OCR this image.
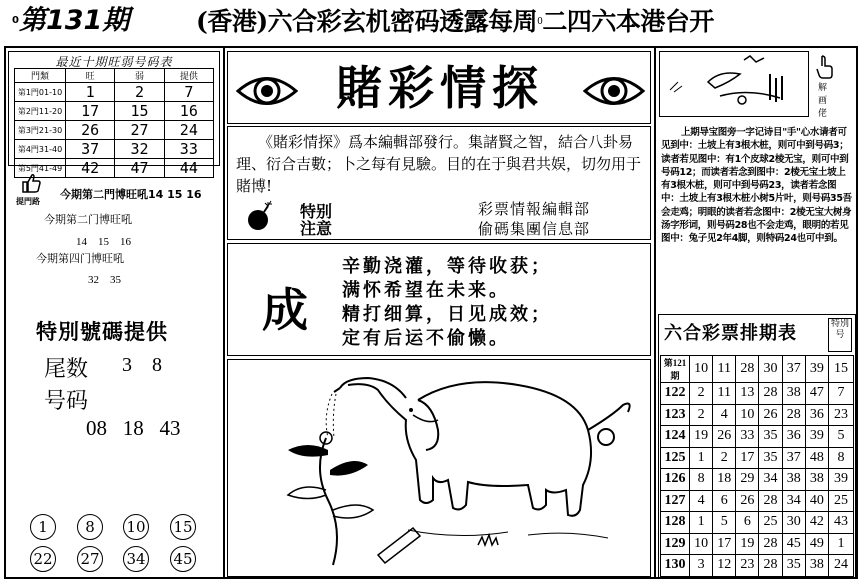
0第131期	(香港)六合彩玄机密码透露每周0二四六本港台开
最近十期旺弱号码表
門類	旺	弱	提供
第1門01-10	1	2	7
第2門11-20	17	15	16
第3門21-30	26	27	24
第4門31-40	37	32	33
第5門41-49	42	47	44
提門路
今期第二門博旺吼14 15 16
今期第二门博旺吼
14    15    16
今期第四门博旺吼
32    35
特別號碼提供
尾数 3    8
号码
08   18   43
1	8	10 15
22 27 34 45
賭彩情探
《賭彩情探》爲本編輯部發行。集諸賢之智，結合八卦易理、衍合吉數；卜之每有見驗。目的在于與君共娱，切勿用于賭博!
特别
注意
彩票情報編輯部
偷碼集團信息部
成
辛勤浇灌，等待收获；
满怀希望在未来。
精打细算，日见成效；
定有后运不偷懒。
解画佬
上期导宝图旁一字记诗目"手"心水请者可见到中：土坡上有3根木桩，则可中到号码3；读者若见图中：有1个皮球2棱无宝，则可中到号码12；而读者若念到图中：2棱无宝土坡上有3根木桩，则可中到号码23，读者若念图中：土坡上有3根木桩小树5片叶，则号码35吾会走鸡；明眼的读者若念图中：2棱无宝大树身汤字形词，则号码28也不会走鸡，眼明的若见图中：兔子见2年4脚，则特码24也可中到。
六合彩票排期表	特別号
第121期	10	11	28	30	37	39	15
122	2	11	13	28	38	47	7
123	2	4	10	26	28	36	23
124	19	26	33	35	36	39	5
125	1	2	17	35	37	48	8
126	8	18	29	34	38	38	39
127	4	6	26	28	34	40	25
128	1	5	6	25	30	42	43
129	10	17	19	28	45	49	1
130	3	12	23	28	35	38	24
